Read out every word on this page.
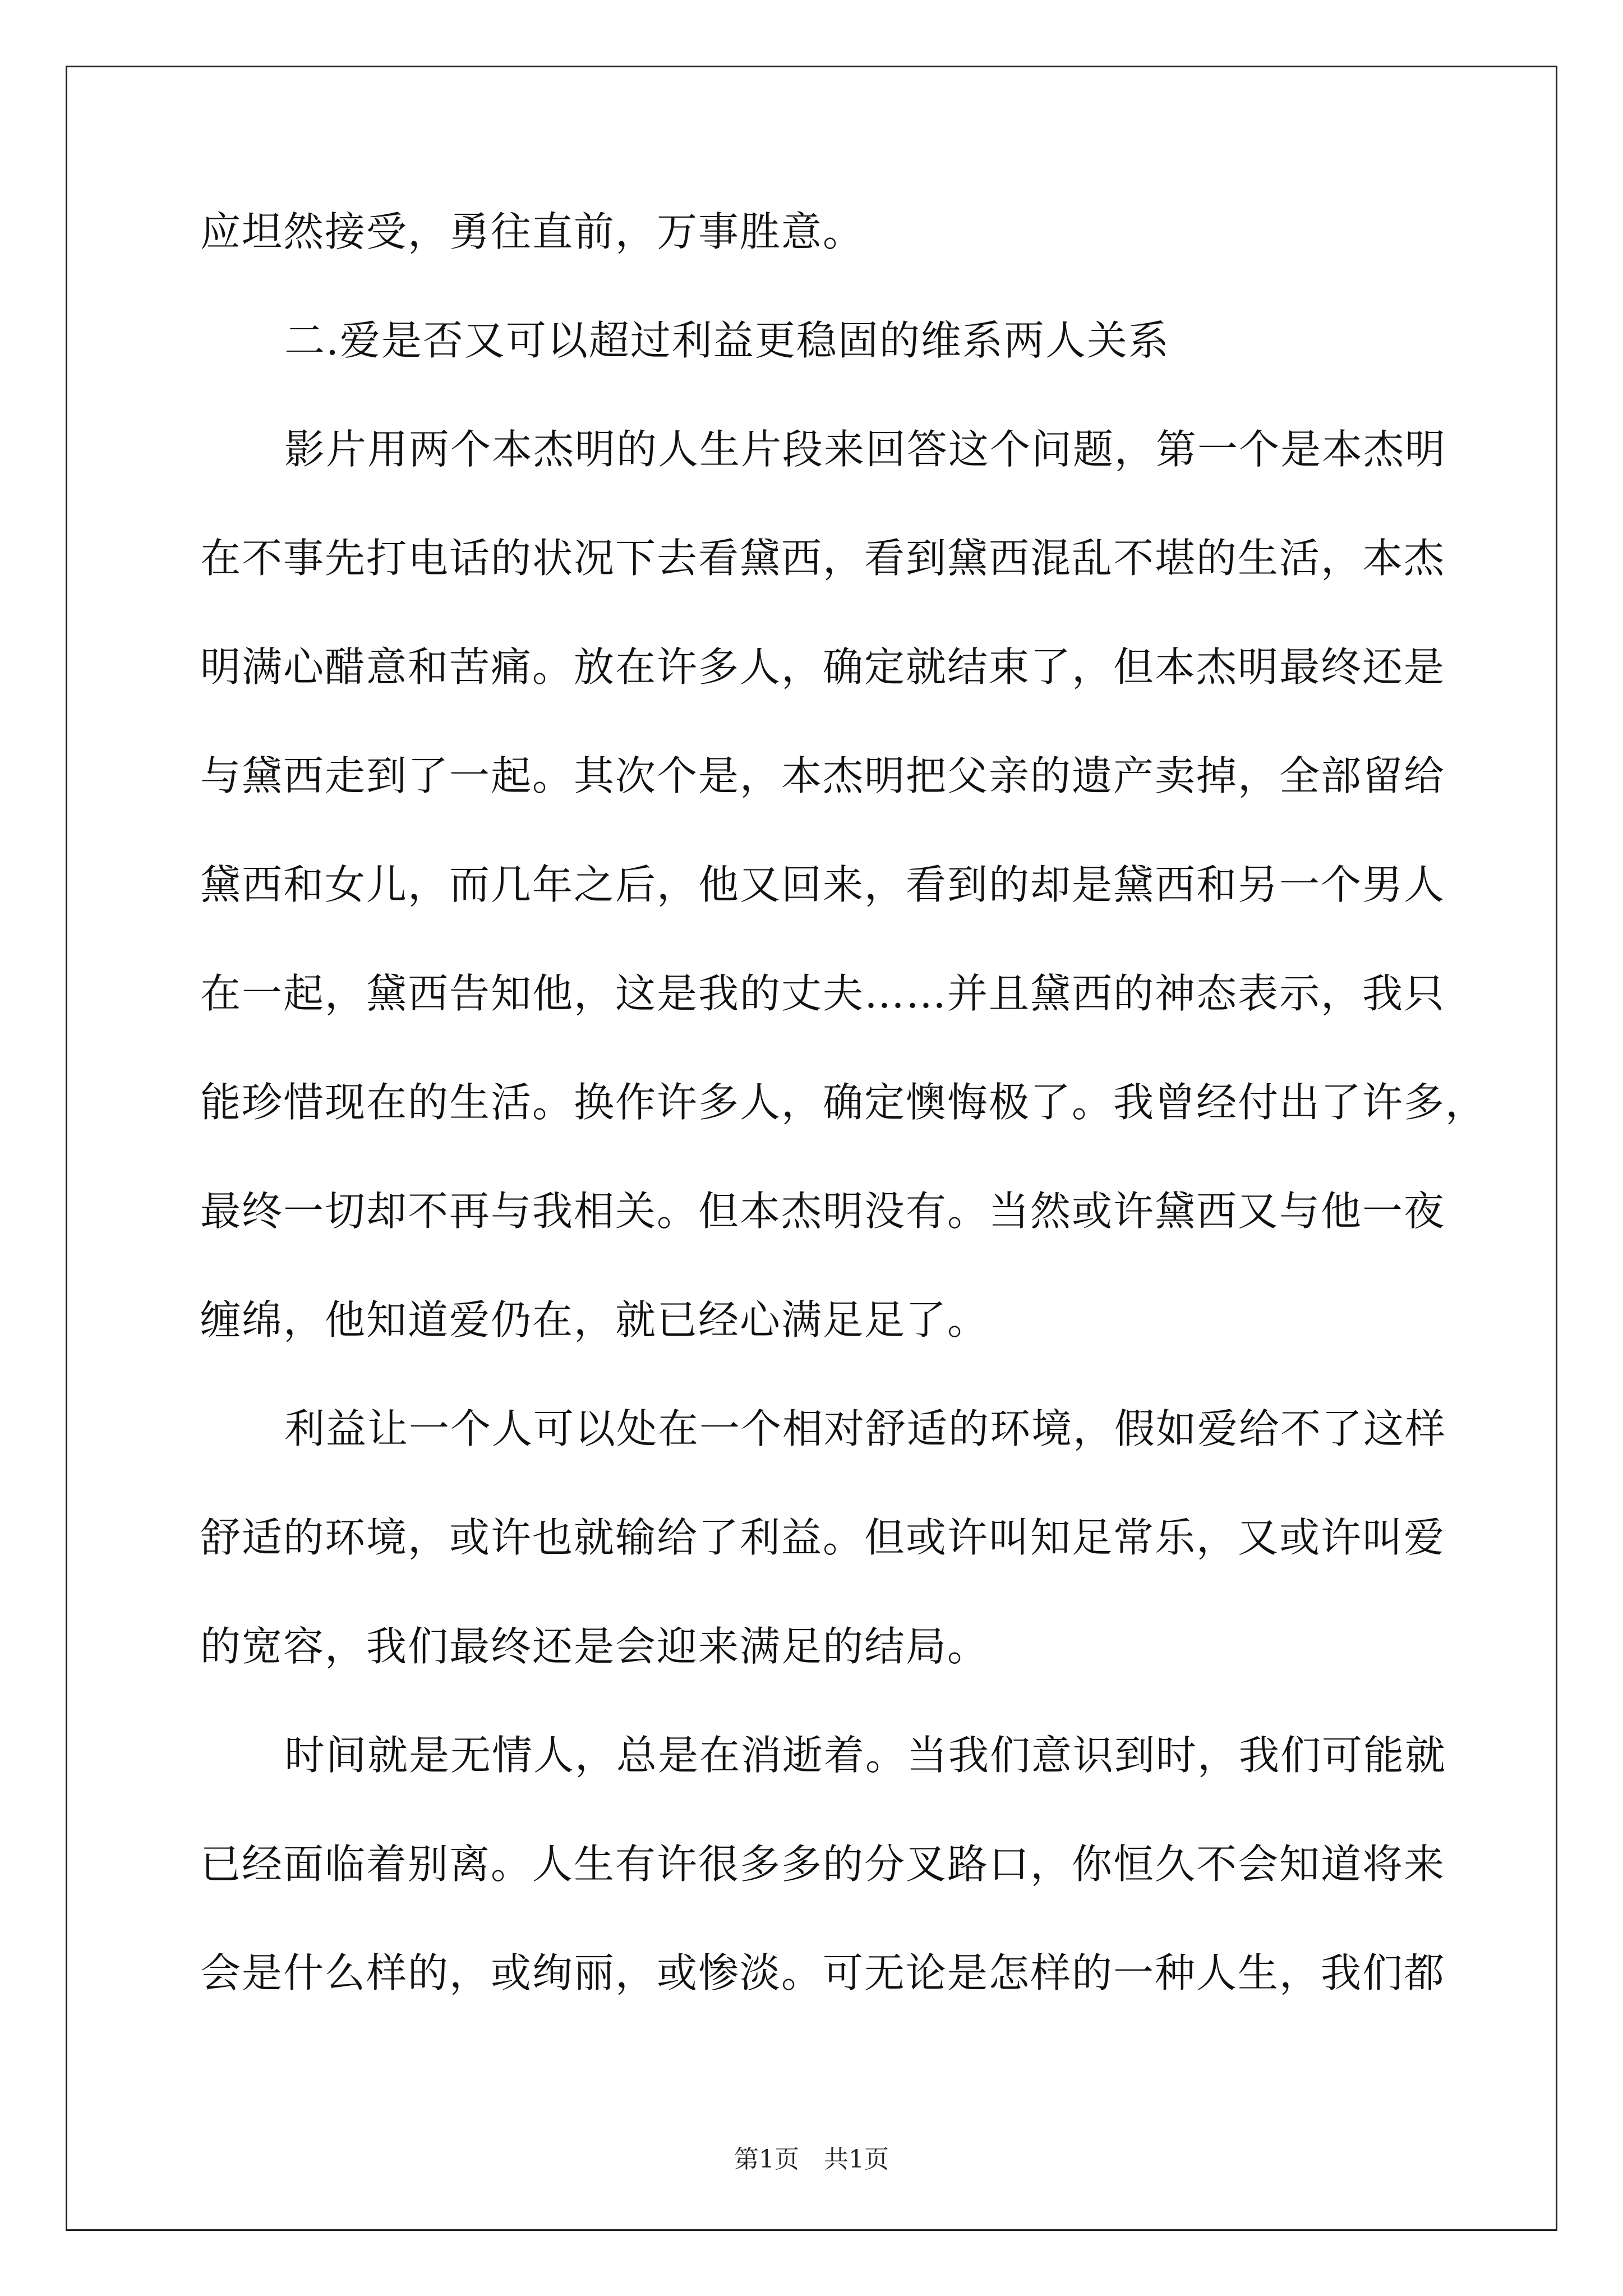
应坦然接受，勇往直前，万事胜意。
二.爱是否又可以超过利益更稳固的维系两人关系
影片用两个本杰明的人生片段来回答这个问题，第一个是本杰明
在不事先打电话的状况下去看黛西，看到黛西混乱不堪的生活，本杰
明满心醋意和苦痛。放在许多人，确定就结束了，但本杰明最终还是
与黛西走到了一起。其次个是，本杰明把父亲的遗产卖掉，全部留给
黛西和女儿，而几年之后，他又回来，看到的却是黛西和另一个男人
在一起，黛西告知他，这是我的丈夫……并且黛西的神态表示，我只
能珍惜现在的生活。换作许多人，确定懊悔极了。我曾经付出了许多，
最终一切却不再与我相关。但本杰明没有。当然或许黛西又与他一夜
缠绵，他知道爱仍在，就已经心满足足了。
利益让一个人可以处在一个相对舒适的环境，假如爱给不了这样
舒适的环境，或许也就输给了利益。但或许叫知足常乐，又或许叫爱
的宽容，我们最终还是会迎来满足的结局。
时间就是无情人，总是在消逝着。当我们意识到时，我们可能就
已经面临着别离。人生有许很多多的分叉路口，你恒久不会知道将来
会是什么样的，或绚丽，或惨淡。可无论是怎样的一种人生，我们都
第1页　共1页
